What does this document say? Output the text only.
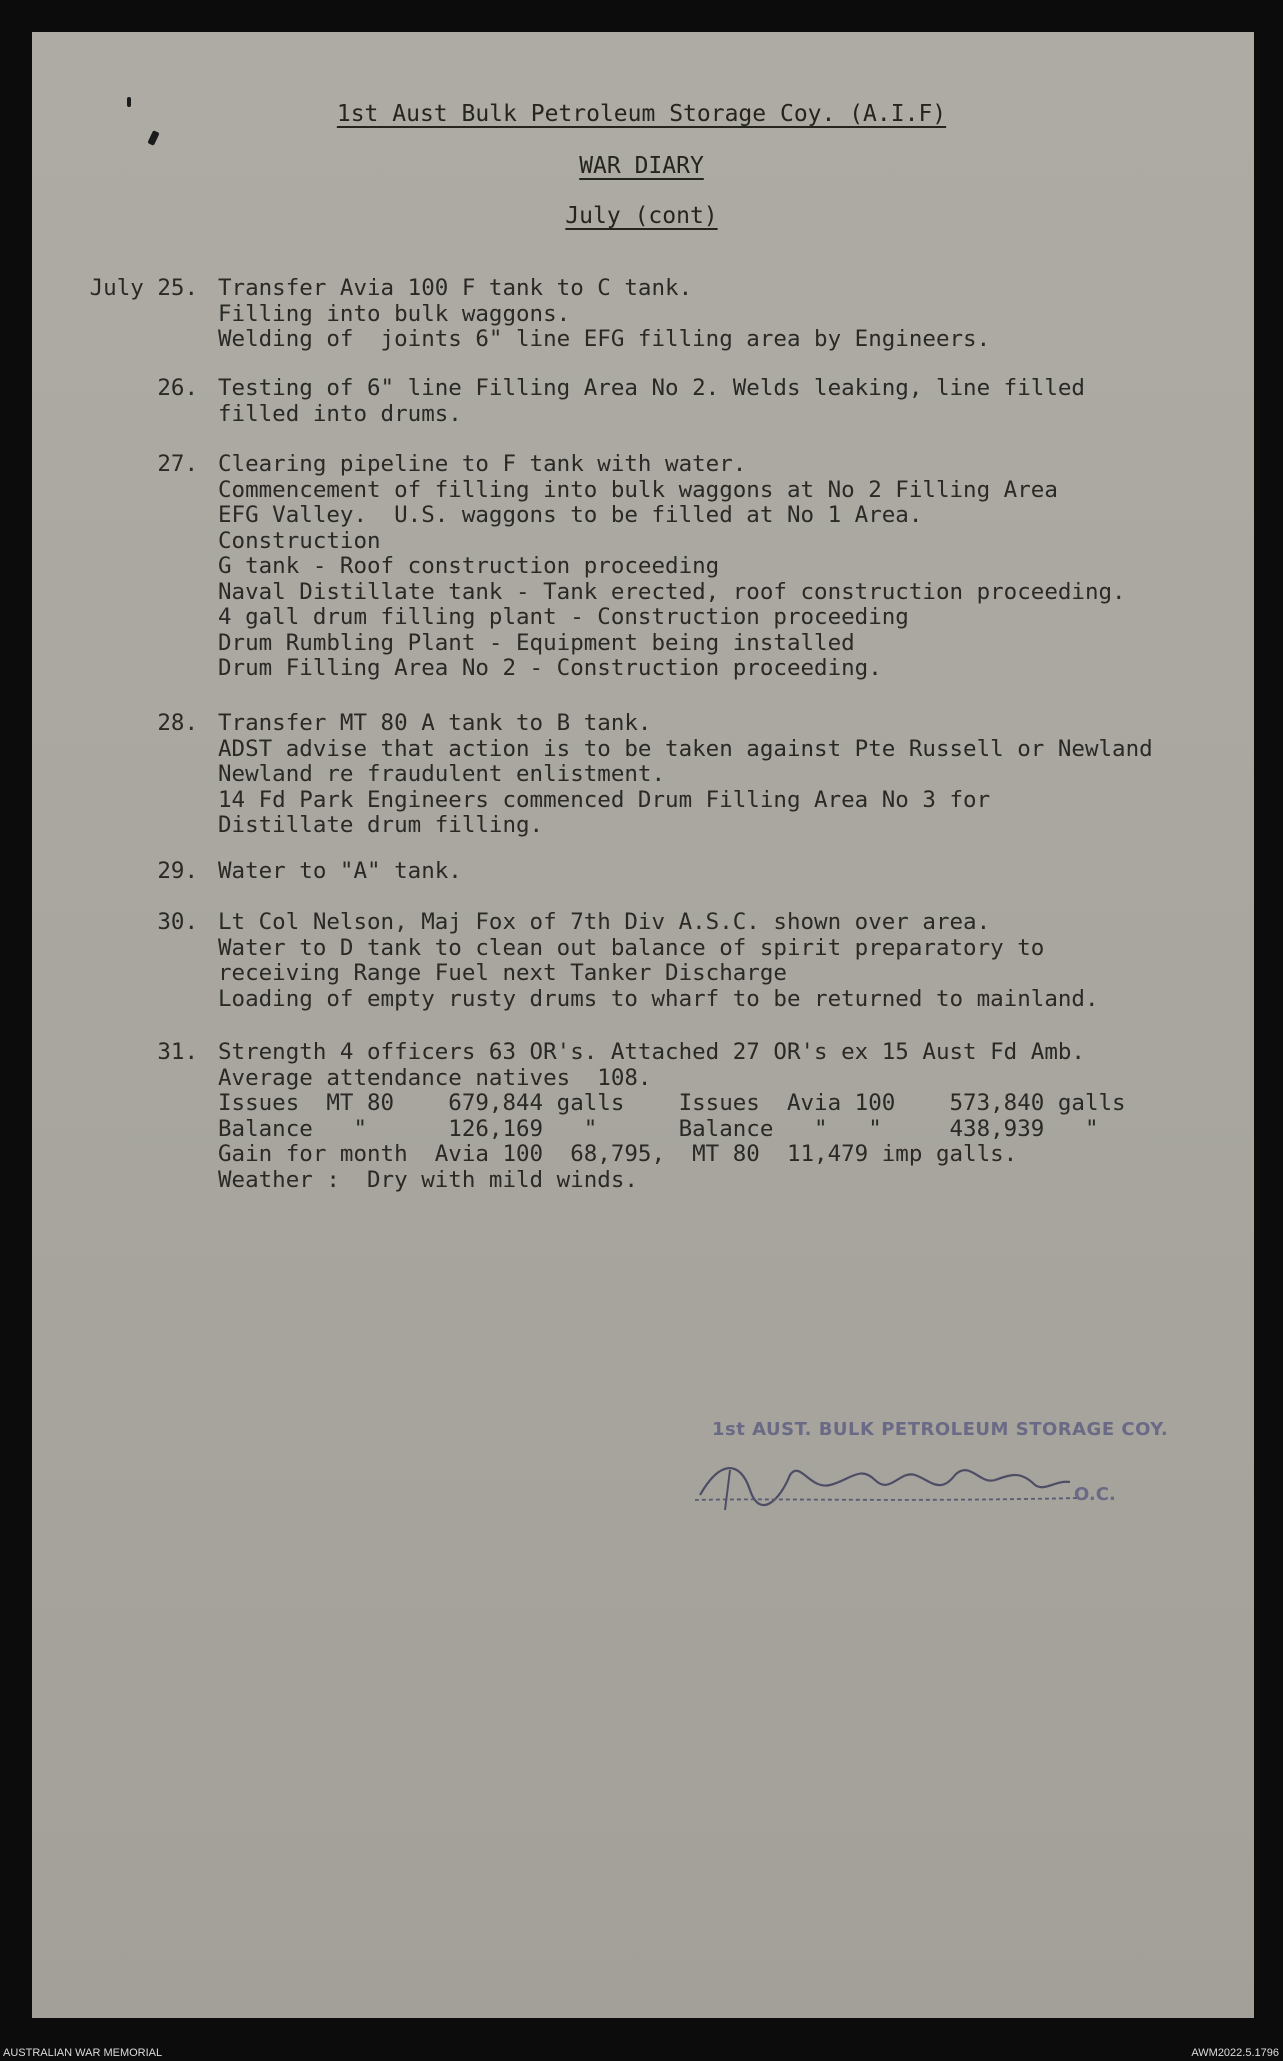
1st Aust Bulk Petroleum Storage Coy. (A.I.F)
WAR DIARY
July (cont)
July 25. Transfer Avia 100 F tank to C tank.
Filling into bulk waggons.
Welding of  joints 6" line EFG filling area by Engineers.
26. Testing of 6" line Filling Area No 2. Welds leaking, line filled
filled into drums.
27. Clearing pipeline to F tank with water.
Commencement of filling into bulk waggons at No 2 Filling Area
EFG Valley.  U.S. waggons to be filled at No 1 Area.
Construction
G tank - Roof construction proceeding
Naval Distillate tank - Tank erected, roof construction proceeding.
4 gall drum filling plant - Construction proceeding
Drum Rumbling Plant - Equipment being installed
Drum Filling Area No 2 - Construction proceeding.
28. Transfer MT 80 A tank to B tank.
ADST advise that action is to be taken against Pte Russell or Newland
Newland re fraudulent enlistment.
14 Fd Park Engineers commenced Drum Filling Area No 3 for
Distillate drum filling.
29. Water to "A" tank.
30. Lt Col Nelson, Maj Fox of 7th Div A.S.C. shown over area.
Water to D tank to clean out balance of spirit preparatory to
receiving Range Fuel next Tanker Discharge
Loading of empty rusty drums to wharf to be returned to mainland.
31. Strength 4 officers 63 OR's. Attached 27 OR's ex 15 Aust Fd Amb.
Average attendance natives  108.
Issues  MT 80    679,844 galls    Issues  Avia 100    573,840 galls
Balance   "      126,169   "      Balance   "   "     438,939   "
Gain for month  Avia 100  68,795,  MT 80  11,479 imp galls.
Weather :  Dry with mild winds.
1st AUST. BULK PETROLEUM STORAGE COY.
O.C.
AUSTRALIAN WAR MEMORIAL	AWM2022.5.1796
